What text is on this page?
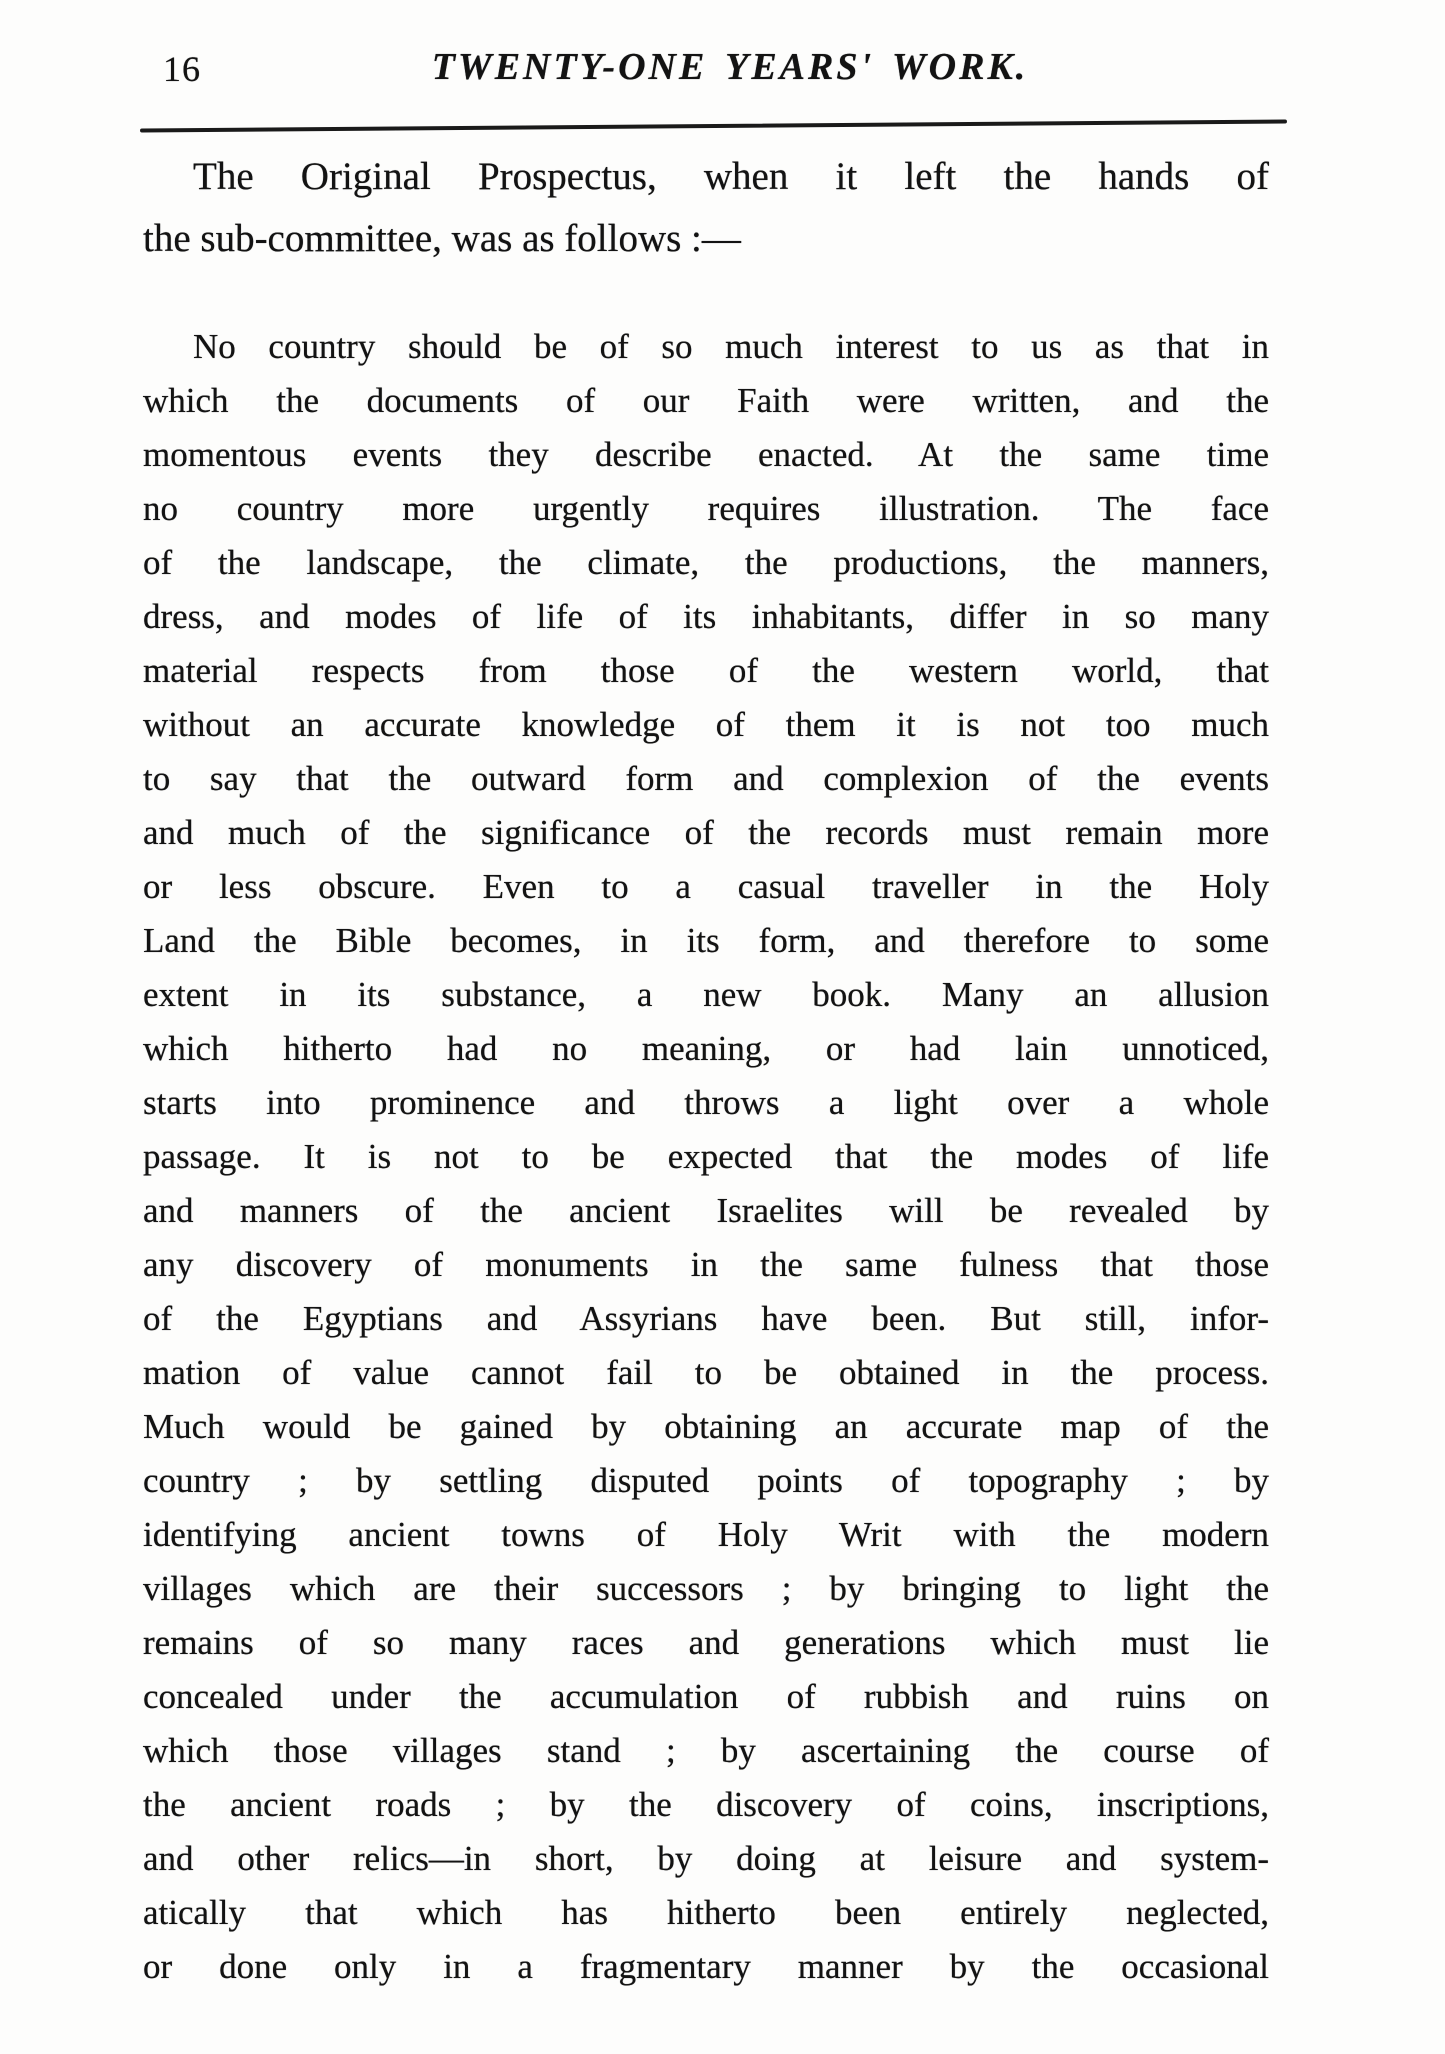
16	TWENTY-ONE YEARS' WORK.
The Original Prospectus, when it left the hands of
the sub-committee, was as follows :—
No country should be of so much interest to us as that in
which the documents of our Faith were written, and the
momentous events they describe enacted. At the same time
no country more urgently requires illustration. The face
of the landscape, the climate, the productions, the manners,
dress, and modes of life of its inhabitants, differ in so many
material respects from those of the western world, that
without an accurate knowledge of them it is not too much
to say that the outward form and complexion of the events
and much of the significance of the records must remain more
or less obscure. Even to a casual traveller in the Holy
Land the Bible becomes, in its form, and therefore to some
extent in its substance, a new book. Many an allusion
which hitherto had no meaning, or had lain unnoticed,
starts into prominence and throws a light over a whole
passage. It is not to be expected that the modes of life
and manners of the ancient Israelites will be revealed by
any discovery of monuments in the same fulness that those
of the Egyptians and Assyrians have been. But still, infor-
mation of value cannot fail to be obtained in the process.
Much would be gained by obtaining an accurate map of the
country ; by settling disputed points of topography ; by
identifying ancient towns of Holy Writ with the modern
villages which are their successors ; by bringing to light the
remains of so many races and generations which must lie
concealed under the accumulation of rubbish and ruins on
which those villages stand ; by ascertaining the course of
the ancient roads ; by the discovery of coins, inscriptions,
and other relics—in short, by doing at leisure and system-
atically that which has hitherto been entirely neglected,
or done only in a fragmentary manner by the occasional
